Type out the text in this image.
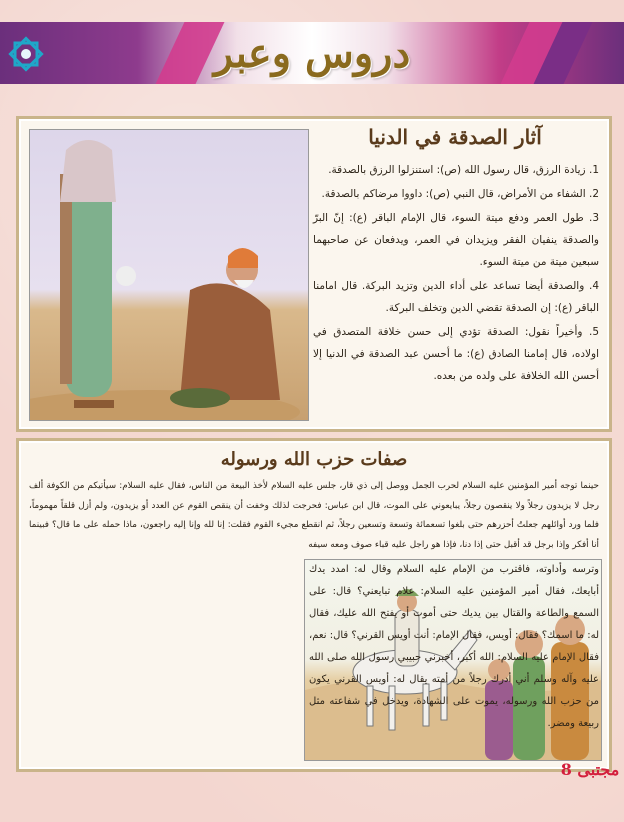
دروس وعبر
آثار الصدقة في الدنيا

1. زيادة الرزق، قال رسول الله (ص): استنزلوا الرزق بالصدقة.

2. الشفاء من الأمراض، قال النبي (ص): داووا مرضاكم بالصدقة.

3. طول العمر ودفع ميتة السوء، قال الإمام الباقر (ع): إنّ البرّ والصدقة ينفيان الفقر ويزيدان في العمر، ويدفعان عن صاحبهما سبعين ميتة من ميتة السوء.

4. والصدقة أيضا تساعد على أداء الدين وتزيد البركة. قال امامنا الباقر (ع): إن الصدقة تقضي الدين وتخلف البركة.

5. وأخيراً نقول: الصدقة تؤدي إلى حسن خلافة المتصدق في اولاده، قال إمامنا الصادق (ع): ما أحسن عبد الصدقة في الدنيا إلا أحسن الله الخلافة على ولده من بعده.

صفات حزب الله ورسوله
حينما توجه أمير المؤمنين عليه السلام لحرب الجمل ووصل إلى ذي قار، جلس عليه السلام لأخذ البيعة من الناس، فقال عليه السلام: سيأتيكم من الكوفة ألف رجل لا يزيدون رجلاً ولا ينقصون رجلاً، يبايعوني على الموت، قال ابن عباس: فحرجت لذلك وخفت أن ينقص القوم عن العدد أو يزيدون، ولم أزل قلقاً مهموماً، فلما ورد أوائلهم جعلتُ أحزرهم حتى بلغوا تسعمائة وتسعة وتسعين رجلاً، ثم انقطع مجيء القوم فقلت: إنا لله وإنا إليه راجعون، ماذا حمله على ما قال؟ فبينما أنا أفكر وإذا برجل قد أقبل حتى إذا دنا، فإذا هو راجل عليه قباء صوف ومعه سيفه
وترسه وأداوته، فاقترب من الإمام عليه السلام وقال له: امدد يدك أبايعك، فقال أمير المؤمنين عليه السلام: علام تبايعني؟ قال: على السمع والطاعة والقتال بين يديك حتى أموت أو يفتح الله عليك، فقال له: ما اسمك؟ فقال: أويس، فقال الإمام: أنت أويس القرني؟ قال: نعم، فقال الإمام عليه السلام: الله أكبر، أخبرني حبيبي رسول الله صلى الله عليه وآله وسلم أني أدرك رجلاً من أمته يقال له: أويس القرني يكون من حزب الله ورسوله، يموت على الشهادة، ويدخل في شفاعته مثل ربيعة ومضر.
مجتبى 8
